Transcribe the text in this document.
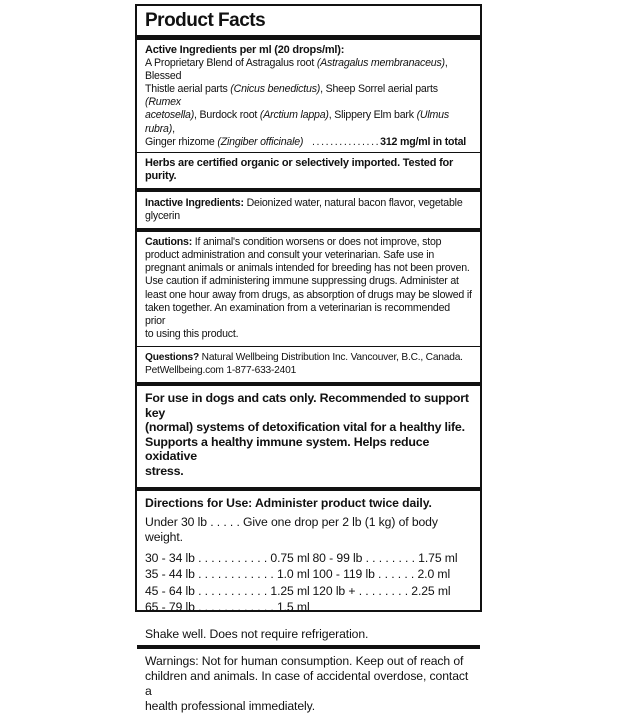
Product Facts
Active Ingredients per ml (20 drops/ml):
A Proprietary Blend of Astragalus root (Astragalus membranaceus), Blessed
Thistle aerial parts (Cnicus benedictus), Sheep Sorrel aerial parts (Rumex
acetosella), Burdock root (Arctium lappa), Slippery Elm bark (Ulmus rubra),
Ginger rhizome (Zingiber officinale) ...............312 mg/ml in total
Herbs are certified organic or selectively imported. Tested for purity.
Inactive Ingredients: Deionized water, natural bacon flavor, vegetable
glycerin
Cautions: If animal's condition worsens or does not improve, stop
product administration and consult your veterinarian. Safe use in
pregnant animals or animals intended for breeding has not been proven.
Use caution if administering immune suppressing drugs. Administer at
least one hour away from drugs, as absorption of drugs may be slowed if
taken together. An examination from a veterinarian is recommended prior
to using this product.
Questions? Natural Wellbeing Distribution Inc. Vancouver, B.C., Canada.
PetWellbeing.com 1-877-633-2401
For use in dogs and cats only. Recommended to support key
(normal) systems of detoxification vital for a healthy life.
Supports a healthy immune system. Helps reduce oxidative
stress.
Directions for Use: Administer product twice daily.
Under 30 lb . . . . . Give one drop per 2 lb (1 kg) of body weight.
30 - 34 lb . . . . . . . . . . . 0.75 ml
35 - 44 lb . . . . . . . . . . . . 1.0 ml
45 - 64 lb . . . . . . . . . . . 1.25 ml
65 - 79 lb . . . . . . . . . . . . 1.5 ml
80 - 99 lb . . . . . . . . 1.75 ml
100 - 119 lb . . . . . . 2.0 ml
120 lb + . . . . . . . . 2.25 ml
Shake well. Does not require refrigeration.
Warnings: Not for human consumption. Keep out of reach of
children and animals. In case of accidental overdose, contact a
health professional immediately.
